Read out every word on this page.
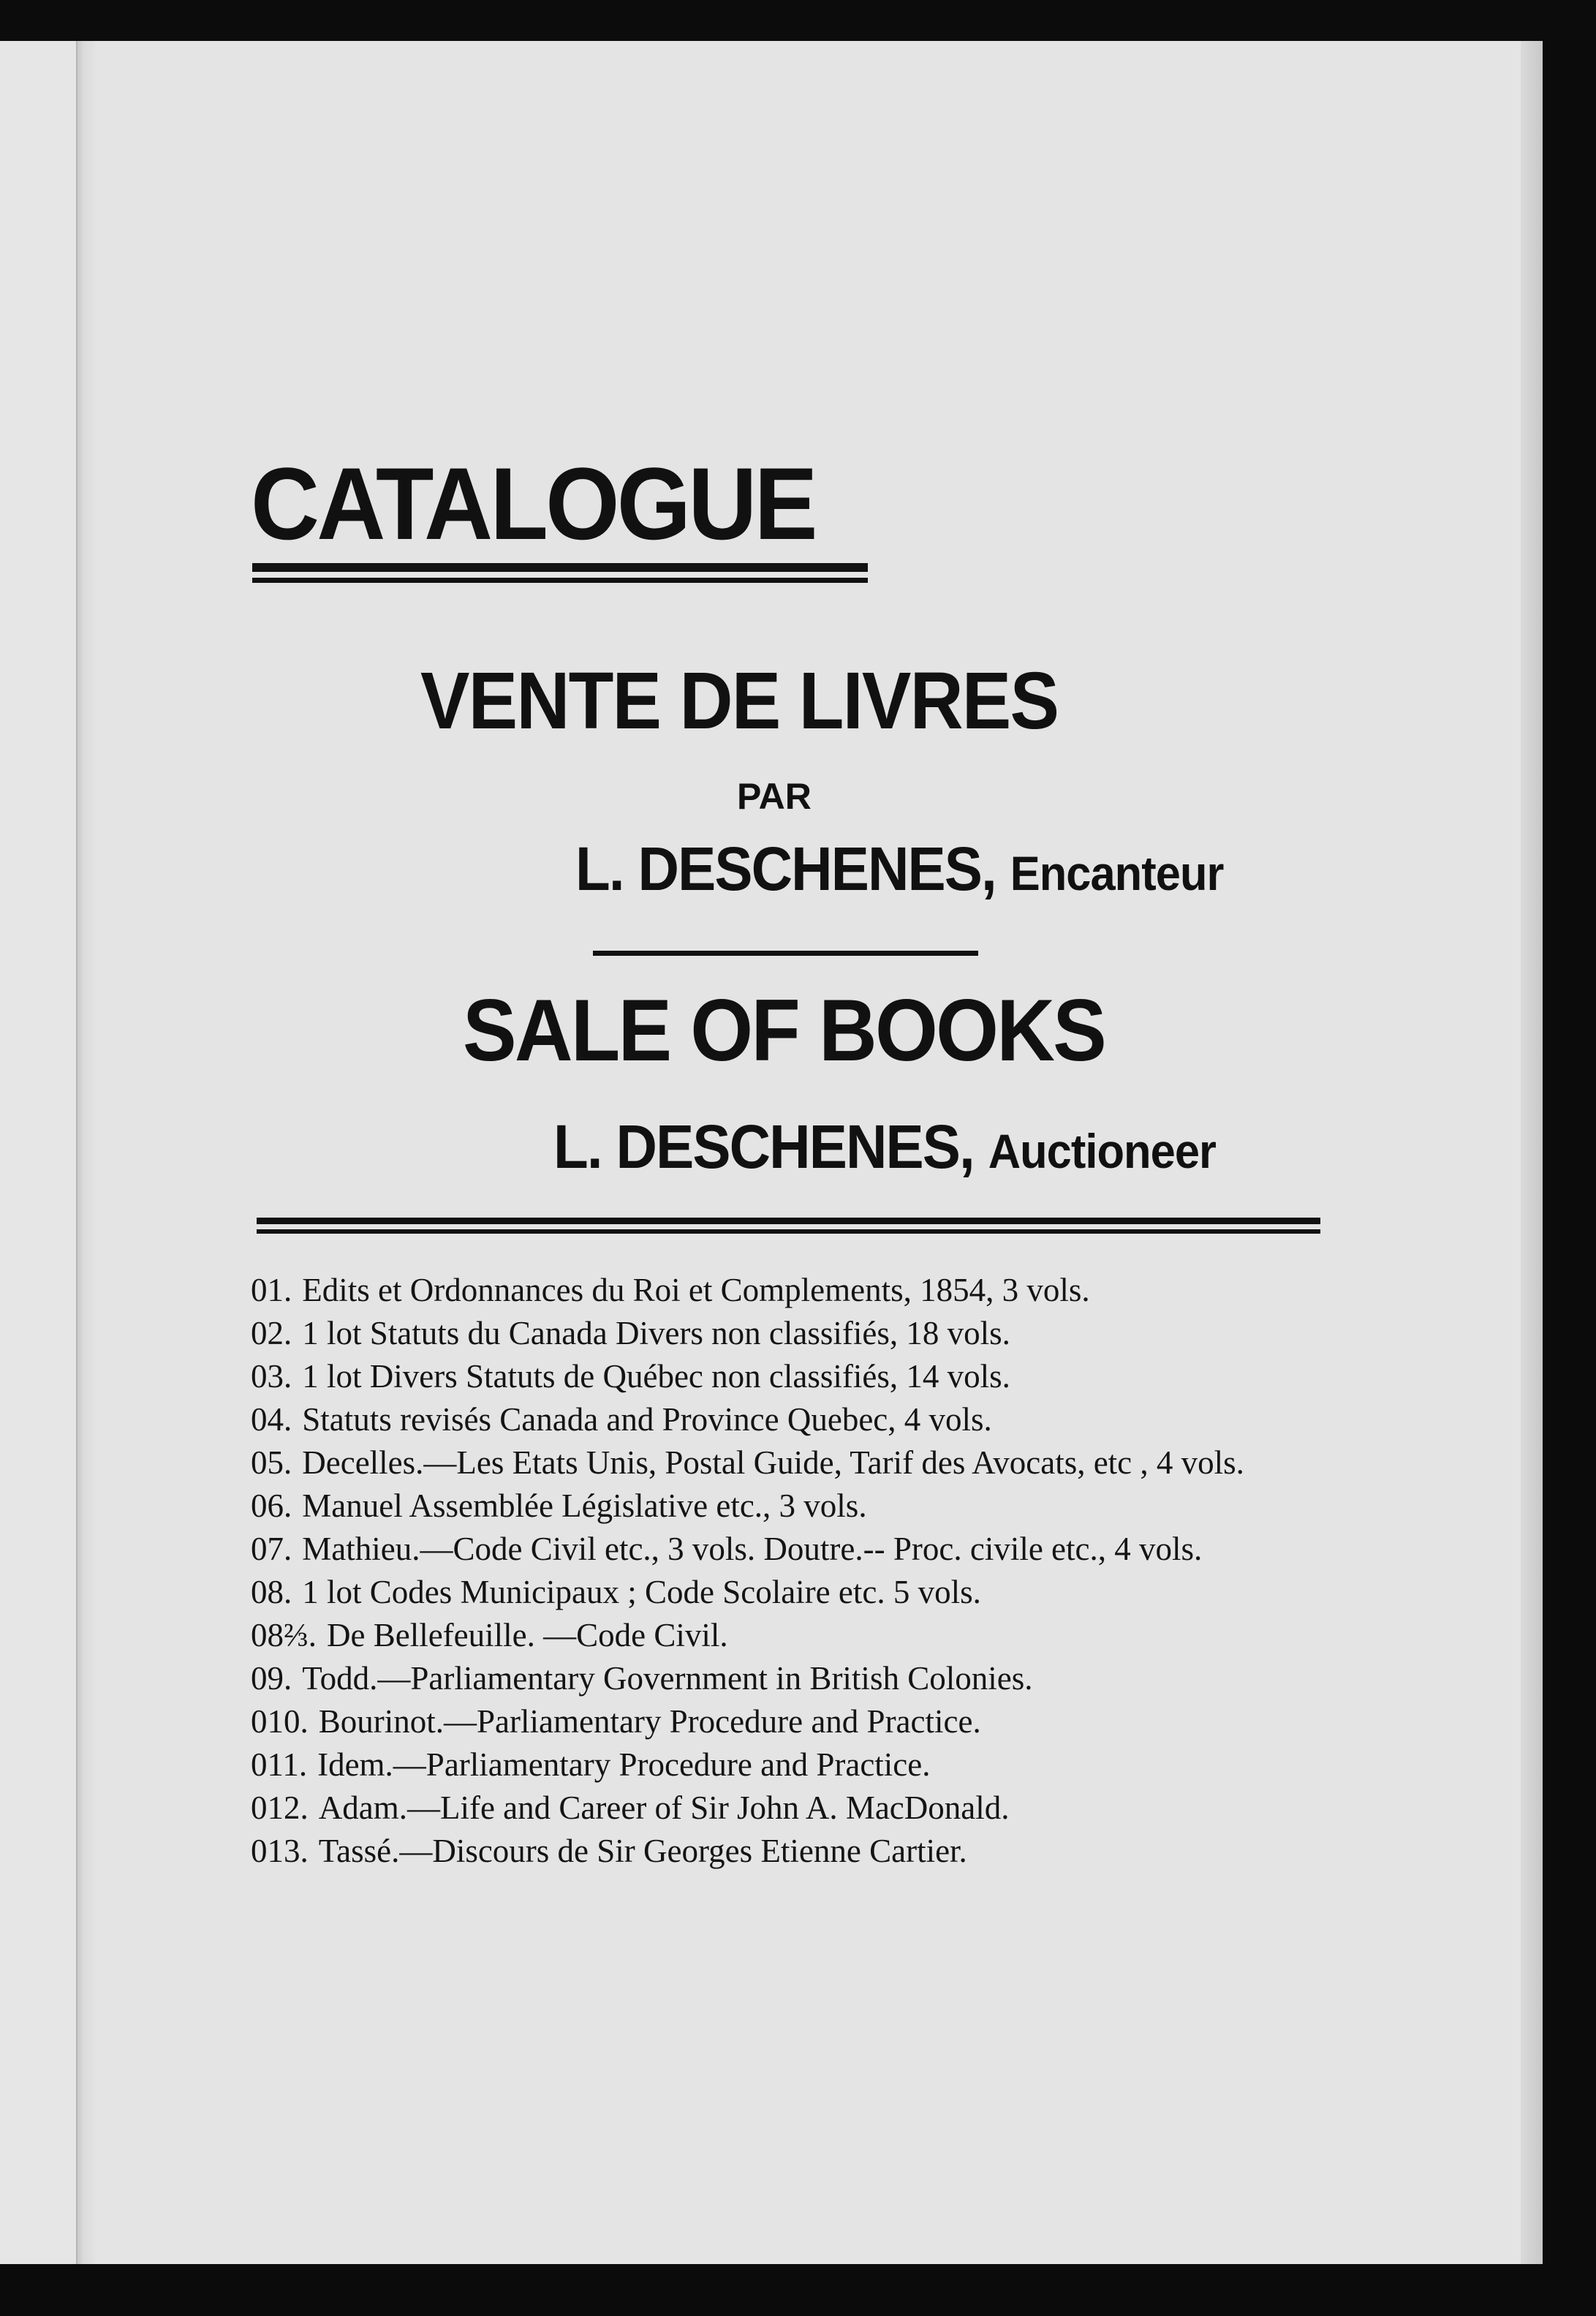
CATALOGUE
VENTE DE LIVRES
PAR
L. DESCHENES, Encanteur
SALE OF BOOKS
L. DESCHENES, Auctioneer
01. Edits et Ordonnances du Roi et Complements, 1854, 3 vols.
02. 1 lot Statuts du Canada Divers non classifiés, 18 vols.
03. 1 lot Divers Statuts de Québec non classifiés, 14 vols.
04. Statuts revisés Canada and Province Quebec, 4 vols.
05. Decelles.—Les Etats Unis, Postal Guide, Tarif des Avocats, etc , 4 vols.
06. Manuel Assemblée Législative etc., 3 vols.
07. Mathieu.—Code Civil etc., 3 vols. Doutre.-- Proc. civile etc., 4 vols.
08. 1 lot Codes Municipaux ; Code Scolaire etc. 5 vols.
08⅔. De Bellefeuille. —Code Civil.
09. Todd.—Parliamentary Government in British Colonies.
010. Bourinot.—Parliamentary Procedure and Practice.
011. Idem.—Parliamentary Procedure and Practice.
012. Adam.—Life and Career of Sir John A. MacDonald.
013. Tassé.—Discours de Sir Georges Etienne Cartier.
